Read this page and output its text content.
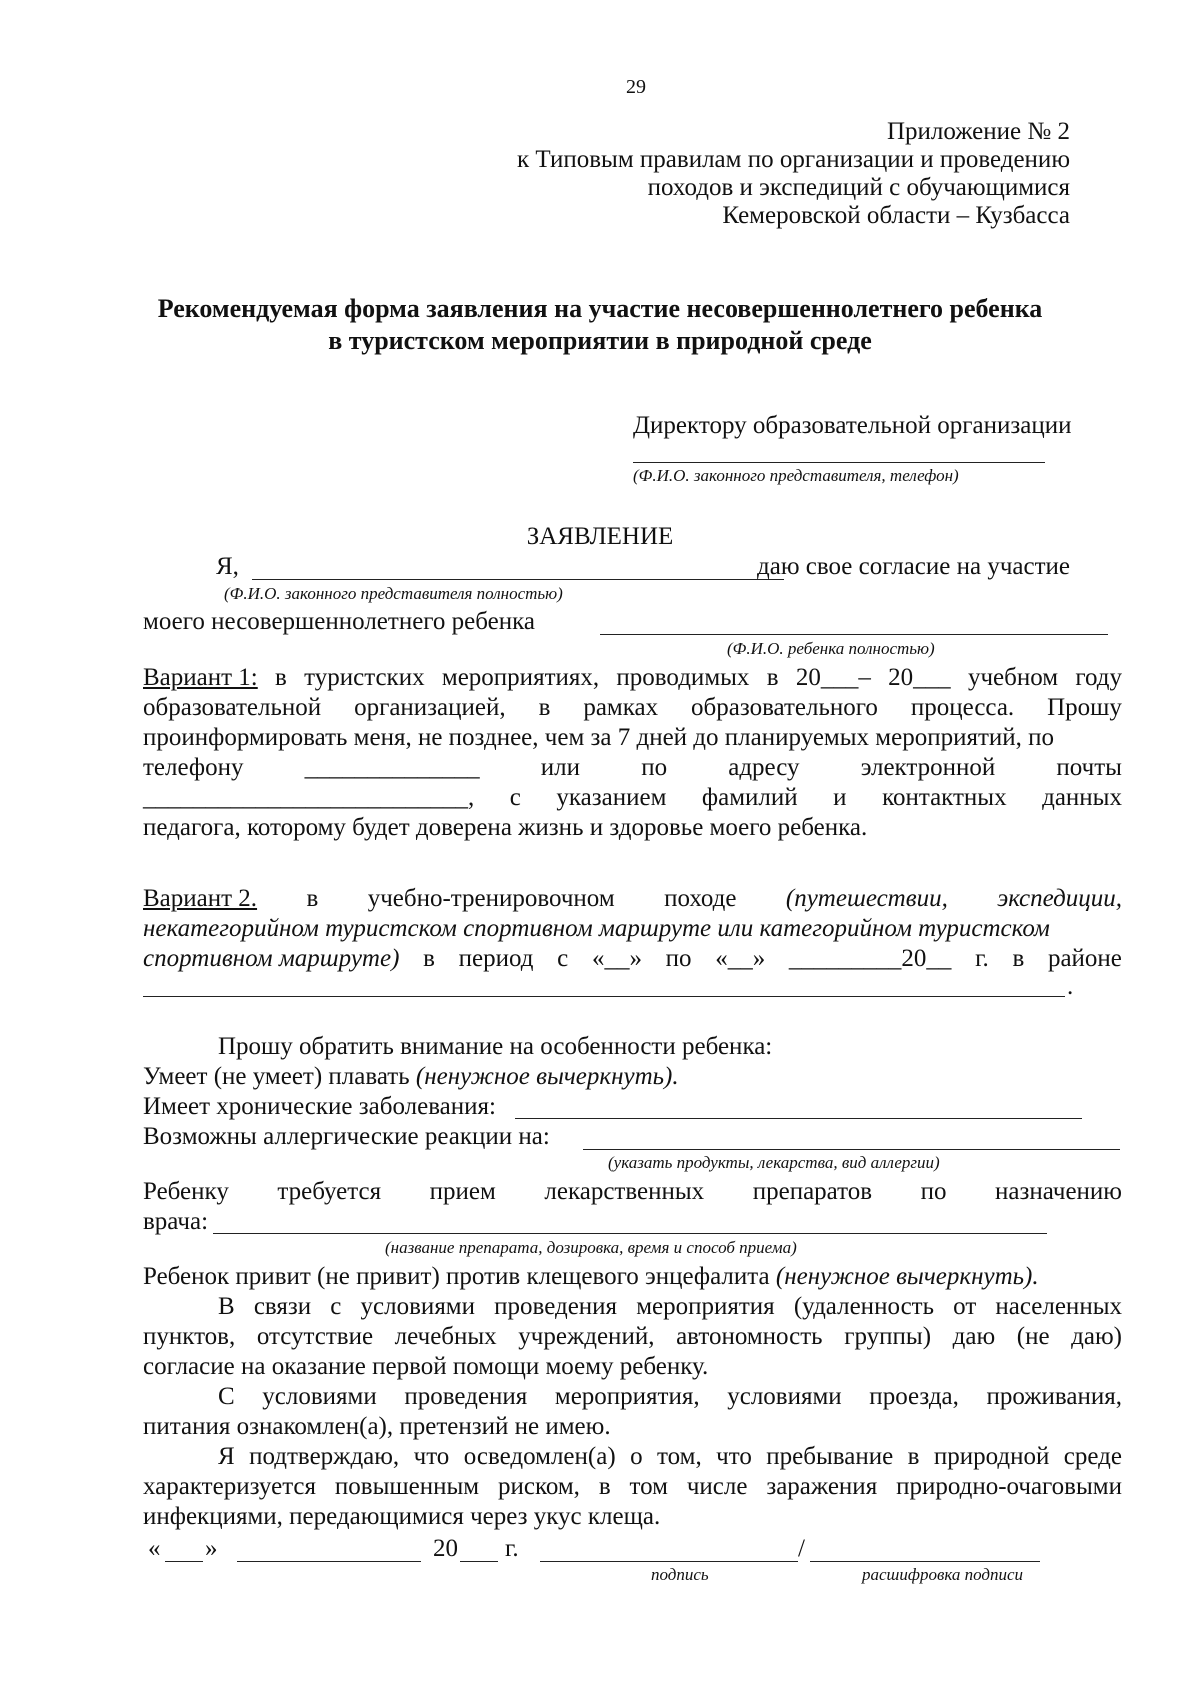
29
Приложение № 2
к Типовым правилам по организации и проведению
походов и экспедиций с обучающимися
Кемеровской области – Кузбасса
Рекомендуемая форма заявления на участие несовершеннолетнего ребенка
в туристском мероприятии в природной среде
Директору образовательной организации
(Ф.И.О. законного представителя, телефон)
ЗАЯВЛЕНИЕ
Я,	даю свое согласие на участие
(Ф.И.О. законного представителя полностью)
моего несовершеннолетнего ребенка
(Ф.И.О. ребенка полностью)
Вариант 1: в туристских мероприятиях, проводимых в 20___– 20___ учебном году
образовательной организацией, в рамках образовательного процесса. Прошу
проинформировать меня, не позднее, чем за 7 дней до планируемых мероприятий, по
телефону ______________ или по адресу электронной почты
__________________________, с указанием фамилий и контактных данных
педагога, которому будет доверена жизнь и здоровье моего ребенка.
Вариант 2. в учебно-тренировочном походе (путешествии, экспедиции,
некатегорийном туристском спортивном маршруте или категорийном туристском
спортивном маршруте) в период с «__» по «__» _________20__ г. в районе
.
Прошу обратить внимание на особенности ребенка:
Умеет (не умеет) плавать (ненужное вычеркнуть).
Имеет хронические заболевания:
Возможны аллергические реакции на:
(указать продукты, лекарства, вид аллергии)
Ребенку требуется прием лекарственных препаратов по назначению
врача:
(название препарата, дозировка, время и способ приема)
Ребенок привит (не привит) против клещевого энцефалита (ненужное вычеркнуть).
В связи с условиями проведения мероприятия (удаленность от населенных
пунктов, отсутствие лечебных учреждений, автономность группы) даю (не даю)
согласие на оказание первой помощи моему ребенку.
С условиями проведения мероприятия, условиями проезда, проживания,
питания ознакомлен(а), претензий не имею.
Я подтверждаю, что осведомлен(а) о том, что пребывание в природной среде
характеризуется повышенным риском, в том числе заражения природно-очаговыми
инфекциями, передающимися через укус клеща.
« »	20 г.	/
подпись	расшифровка подписи
